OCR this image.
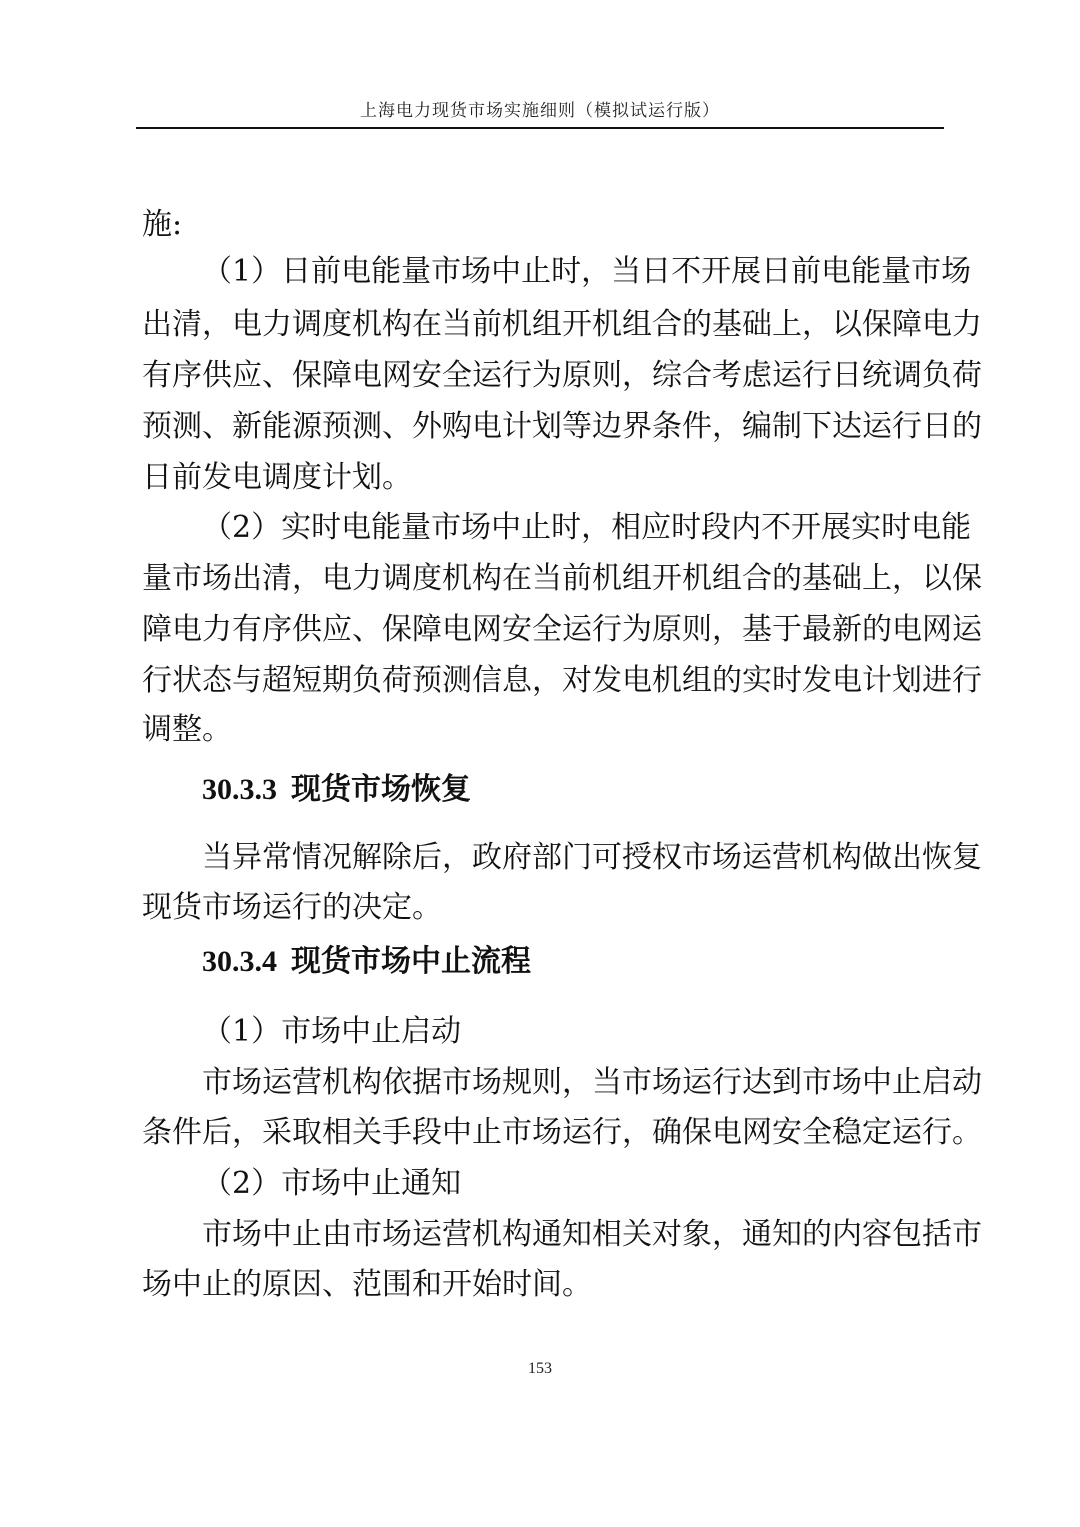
上海电力现货市场实施细则（模拟试运行版）
施:
（1）日前电能量市场中止时，当日不开展日前电能量市场
出清，电力调度机构在当前机组开机组合的基础上，以保障电力
有序供应、保障电网安全运行为原则，综合考虑运行日统调负荷
预测、新能源预测、外购电计划等边界条件，编制下达运行日的
日前发电调度计划。
（2）实时电能量市场中止时，相应时段内不开展实时电能
量市场出清，电力调度机构在当前机组开机组合的基础上，以保
障电力有序供应、保障电网安全运行为原则，基于最新的电网运
行状态与超短期负荷预测信息，对发电机组的实时发电计划进行
调整。
30.3.3 现货市场恢复
当异常情况解除后，政府部门可授权市场运营机构做出恢复
现货市场运行的决定。
30.3.4 现货市场中止流程
（1）市场中止启动
市场运营机构依据市场规则，当市场运行达到市场中止启动
条件后，采取相关手段中止市场运行，确保电网安全稳定运行。
（2）市场中止通知
市场中止由市场运营机构通知相关对象，通知的内容包括市
场中止的原因、范围和开始时间。
153
